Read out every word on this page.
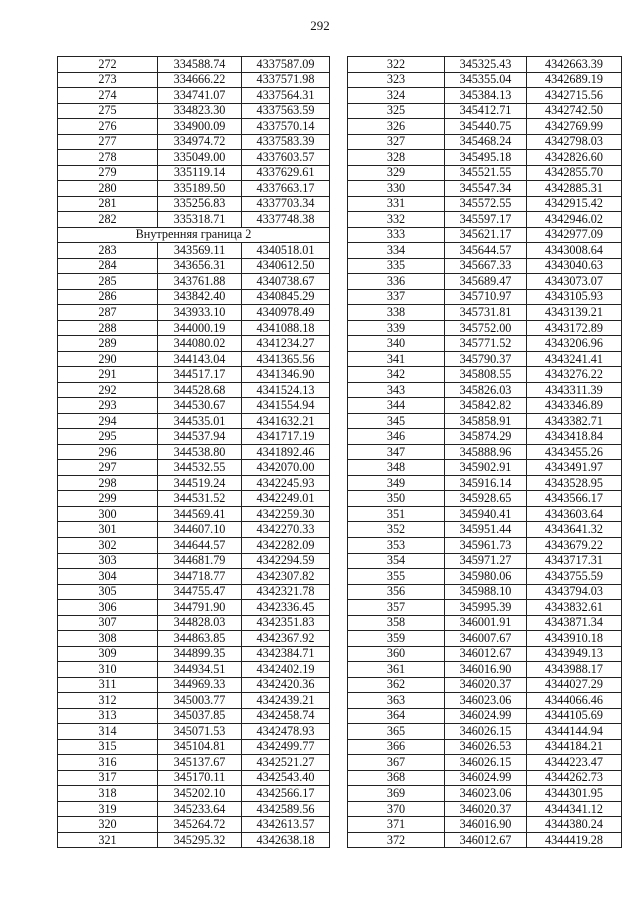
292
272	334588.74	4337587.09
273	334666.22	4337571.98
274	334741.07	4337564.31
275	334823.30	4337563.59
276	334900.09	4337570.14
277	334974.72	4337583.39
278	335049.00	4337603.57
279	335119.14	4337629.61
280	335189.50	4337663.17
281	335256.83	4337703.34
282	335318.71	4337748.38
Внутренняя граница 2		
283	343569.11	4340518.01
284	343656.31	4340612.50
285	343761.88	4340738.67
286	343842.40	4340845.29
287	343933.10	4340978.49
288	344000.19	4341088.18
289	344080.02	4341234.27
290	344143.04	4341365.56
291	344517.17	4341346.90
292	344528.68	4341524.13
293	344530.67	4341554.94
294	344535.01	4341632.21
295	344537.94	4341717.19
296	344538.80	4341892.46
297	344532.55	4342070.00
298	344519.24	4342245.93
299	344531.52	4342249.01
300	344569.41	4342259.30
301	344607.10	4342270.33
302	344644.57	4342282.09
303	344681.79	4342294.59
304	344718.77	4342307.82
305	344755.47	4342321.78
306	344791.90	4342336.45
307	344828.03	4342351.83
308	344863.85	4342367.92
309	344899.35	4342384.71
310	344934.51	4342402.19
311	344969.33	4342420.36
312	345003.77	4342439.21
313	345037.85	4342458.74
314	345071.53	4342478.93
315	345104.81	4342499.77
316	345137.67	4342521.27
317	345170.11	4342543.40
318	345202.10	4342566.17
319	345233.64	4342589.56
320	345264.72	4342613.57
321	345295.32	4342638.18
322	345325.43	4342663.39
323	345355.04	4342689.19
324	345384.13	4342715.56
325	345412.71	4342742.50
326	345440.75	4342769.99
327	345468.24	4342798.03
328	345495.18	4342826.60
329	345521.55	4342855.70
330	345547.34	4342885.31
331	345572.55	4342915.42
332	345597.17	4342946.02
333	345621.17	4342977.09
334	345644.57	4343008.64
335	345667.33	4343040.63
336	345689.47	4343073.07
337	345710.97	4343105.93
338	345731.81	4343139.21
339	345752.00	4343172.89
340	345771.52	4343206.96
341	345790.37	4343241.41
342	345808.55	4343276.22
343	345826.03	4343311.39
344	345842.82	4343346.89
345	345858.91	4343382.71
346	345874.29	4343418.84
347	345888.96	4343455.26
348	345902.91	4343491.97
349	345916.14	4343528.95
350	345928.65	4343566.17
351	345940.41	4343603.64
352	345951.44	4343641.32
353	345961.73	4343679.22
354	345971.27	4343717.31
355	345980.06	4343755.59
356	345988.10	4343794.03
357	345995.39	4343832.61
358	346001.91	4343871.34
359	346007.67	4343910.18
360	346012.67	4343949.13
361	346016.90	4343988.17
362	346020.37	4344027.29
363	346023.06	4344066.46
364	346024.99	4344105.69
365	346026.15	4344144.94
366	346026.53	4344184.21
367	346026.15	4344223.47
368	346024.99	4344262.73
369	346023.06	4344301.95
370	346020.37	4344341.12
371	346016.90	4344380.24
372	346012.67	4344419.28
